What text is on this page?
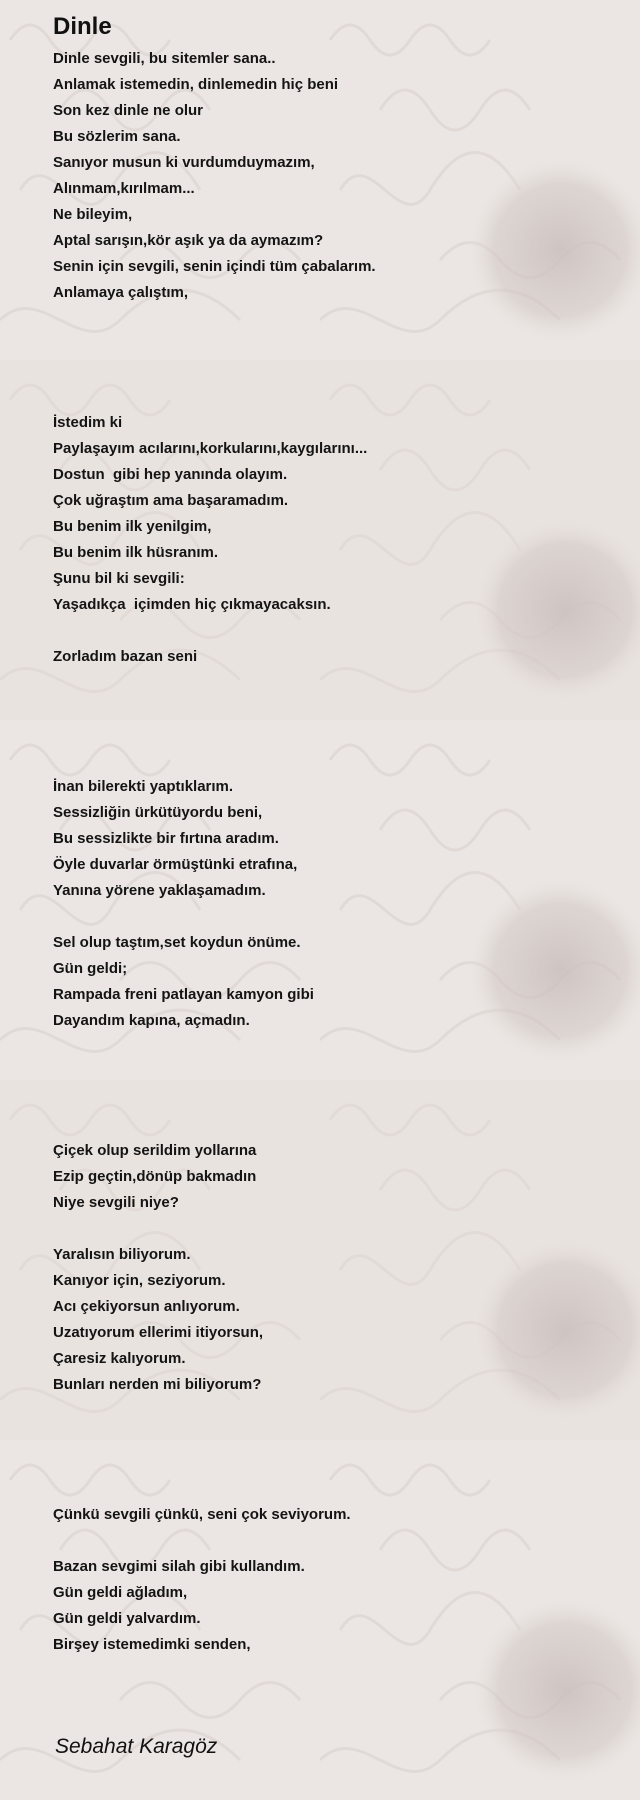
Dinle
Dinle sevgili, bu sitemler sana..
Anlamak istemedin, dinlemedin hiç beni
Son kez dinle ne olur
Bu sözlerim sana.
Sanıyor musun ki vurdumduymazım,
Alınmam,kırılmam...
Ne bileyim,
Aptal sarışın,kör aşık ya da aymazım?
Senin için sevgili, senin içindi tüm çabalarım.
Anlamaya çalıştım,
İstedim ki
Paylaşayım acılarını,korkularını,kaygılarını...
Dostun  gibi hep yanında olayım.
Çok uğraştım ama başaramadım.
Bu benim ilk yenilgim,
Bu benim ilk hüsranım.
Şunu bil ki sevgili:
Yaşadıkça  içimden hiç çıkmayacaksın.
Zorladım bazan seni
İnan bilerekti yaptıklarım.
Sessizliğin ürkütüyordu beni,
Bu sessizlikte bir fırtına aradım.
Öyle duvarlar örmüştünki etrafına,
Yanına yörene yaklaşamadım.
Sel olup taştım,set koydun önüme.
Gün geldi;
Rampada freni patlayan kamyon gibi
Dayandım kapına, açmadın.
Çiçek olup serildim yollarına
Ezip geçtin,dönüp bakmadın
Niye sevgili niye?
Yaralısın biliyorum.
Kanıyor için, seziyorum.
Acı çekiyorsun anlıyorum.
Uzatıyorum ellerimi itiyorsun,
Çaresiz kalıyorum.
Bunları nerden mi biliyorum?
Çünkü sevgili çünkü, seni çok seviyorum.
Bazan sevgimi silah gibi kullandım.
Gün geldi ağladım,
Gün geldi yalvardım.
Birşey istemedimki senden,
Sebahat Karagöz
